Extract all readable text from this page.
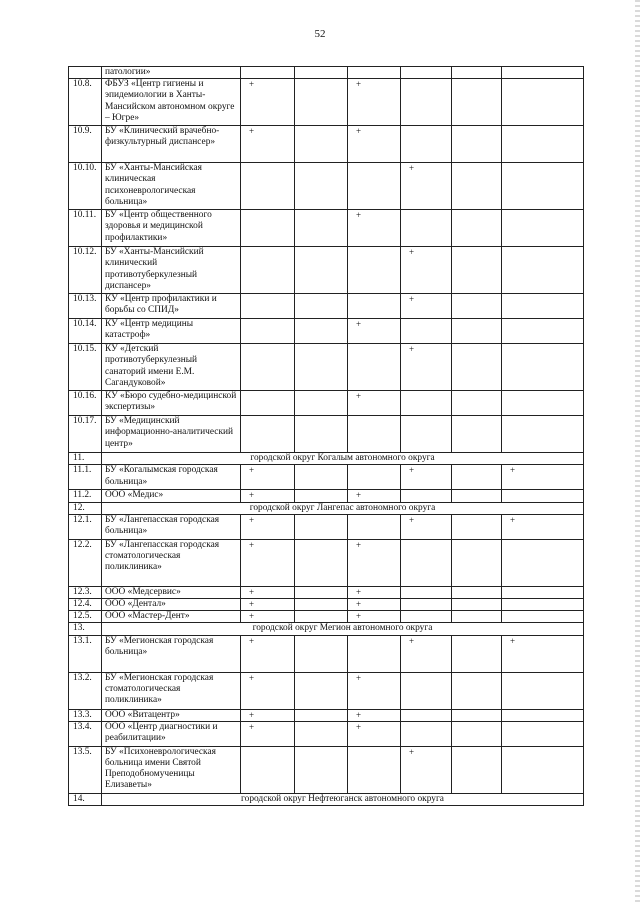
52
	патологии»						
10.8.	ФБУЗ «Центр гигиены и эпидемиологии в Ханты-Мансийском автономном округе – Югре»	+		+			
10.9.	БУ «Клинический врачебно-физкультурный диспансер»	+		+			
10.10.	БУ «Ханты-Мансийская клиническая психоневрологическая больница»				+		
10.11.	БУ «Центр общественного здоровья и медицинской профилактики»			+			
10.12.	БУ «Ханты-Мансийский клинический противотуберкулезный диспансер»				+		
10.13.	КУ «Центр профилактики и борьбы со СПИД»				+		
10.14.	КУ «Центр медицины катастроф»			+			
10.15.	КУ «Детский противотуберкулезный санаторий имени Е.М. Сагандуковой»				+		
10.16.	КУ «Бюро судебно-медицинской экспертизы»			+			
10.17.	БУ «Медицинский информационно-аналитический центр»						
11.	городской округ Когалым автономного округа						
11.1.	БУ «Когалымская городская больница»	+			+		+
11.2.	ООО «Медис»	+		+			
12.	городской округ Лангепас автономного округа						
12.1.	БУ «Лангепасская городская больница»	+			+		+
12.2.	БУ «Лангепасская городская стоматологическая поликлиника»	+		+			
12.3.	ООО «Медсервис»	+		+			
12.4.	ООО «Дентал»	+		+			
12.5.	ООО «Мастер-Дент»	+		+			
13.	городской округ Мегион автономного округа						
13.1.	БУ «Мегионская городская больница»	+			+		+
13.2.	БУ «Мегионская городская стоматологическая поликлиника»	+		+			
13.3.	ООО «Витацентр»	+		+			
13.4.	ООО «Центр диагностики и реабилитации»	+		+			
13.5.	БУ «Психоневрологическая больница имени Святой Преподобномученицы Елизаветы»				+		
14.	городской округ Нефтеюганск автономного округа						
